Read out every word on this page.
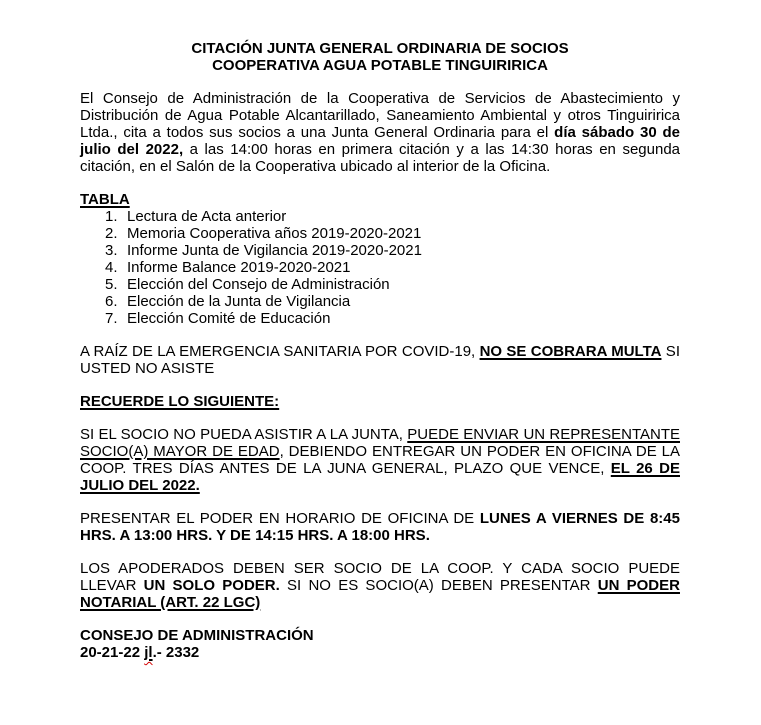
CITACIÓN JUNTA GENERAL ORDINARIA DE SOCIOS
COOPERATIVA AGUA POTABLE TINGUIRIRICA

El Consejo de Administración de la Cooperativa de Servicios de Abastecimiento y Distribución de Agua Potable Alcantarillado, Saneamiento Ambiental y otros Tinguiririca Ltda., cita a todos sus socios a una Junta General Ordinaria para el día sábado 30 de julio del 2022, a las 14:00 horas en primera citación y a las 14:30 horas en segunda citación, en el Salón de la Cooperativa ubicado al interior de la Oficina.

TABLA
1. Lectura de Acta anterior
2. Memoria Cooperativa años 2019-2020-2021
3. Informe Junta de Vigilancia 2019-2020-2021
4. Informe Balance 2019-2020-2021
5. Elección del Consejo de Administración
6. Elección de la Junta de Vigilancia
7. Elección Comité de Educación

A RAÍZ DE LA EMERGENCIA SANITARIA POR COVID-19, NO SE COBRARA MULTA SI USTED NO ASISTE

RECUERDE LO SIGUIENTE:

SI EL SOCIO NO PUEDA ASISTIR A LA JUNTA, PUEDE ENVIAR UN REPRESENTANTE SOCIO(A) MAYOR DE EDAD, DEBIENDO ENTREGAR UN PODER EN OFICINA DE LA COOP. TRES DÍAS ANTES DE LA JUNA GENERAL, PLAZO QUE VENCE, EL 26 DE JULIO DEL 2022.

PRESENTAR EL PODER EN HORARIO DE OFICINA DE LUNES A VIERNES DE 8:45 HRS. A 13:00 HRS. Y DE 14:15 HRS. A 18:00 HRS.

LOS APODERADOS DEBEN SER SOCIO DE LA COOP. Y CADA SOCIO PUEDE LLEVAR UN SOLO PODER. SI NO ES SOCIO(A) DEBEN PRESENTAR UN PODER NOTARIAL (ART. 22 LGC)

CONSEJO DE ADMINISTRACIÓN
20-21-22 jl.- 2332
